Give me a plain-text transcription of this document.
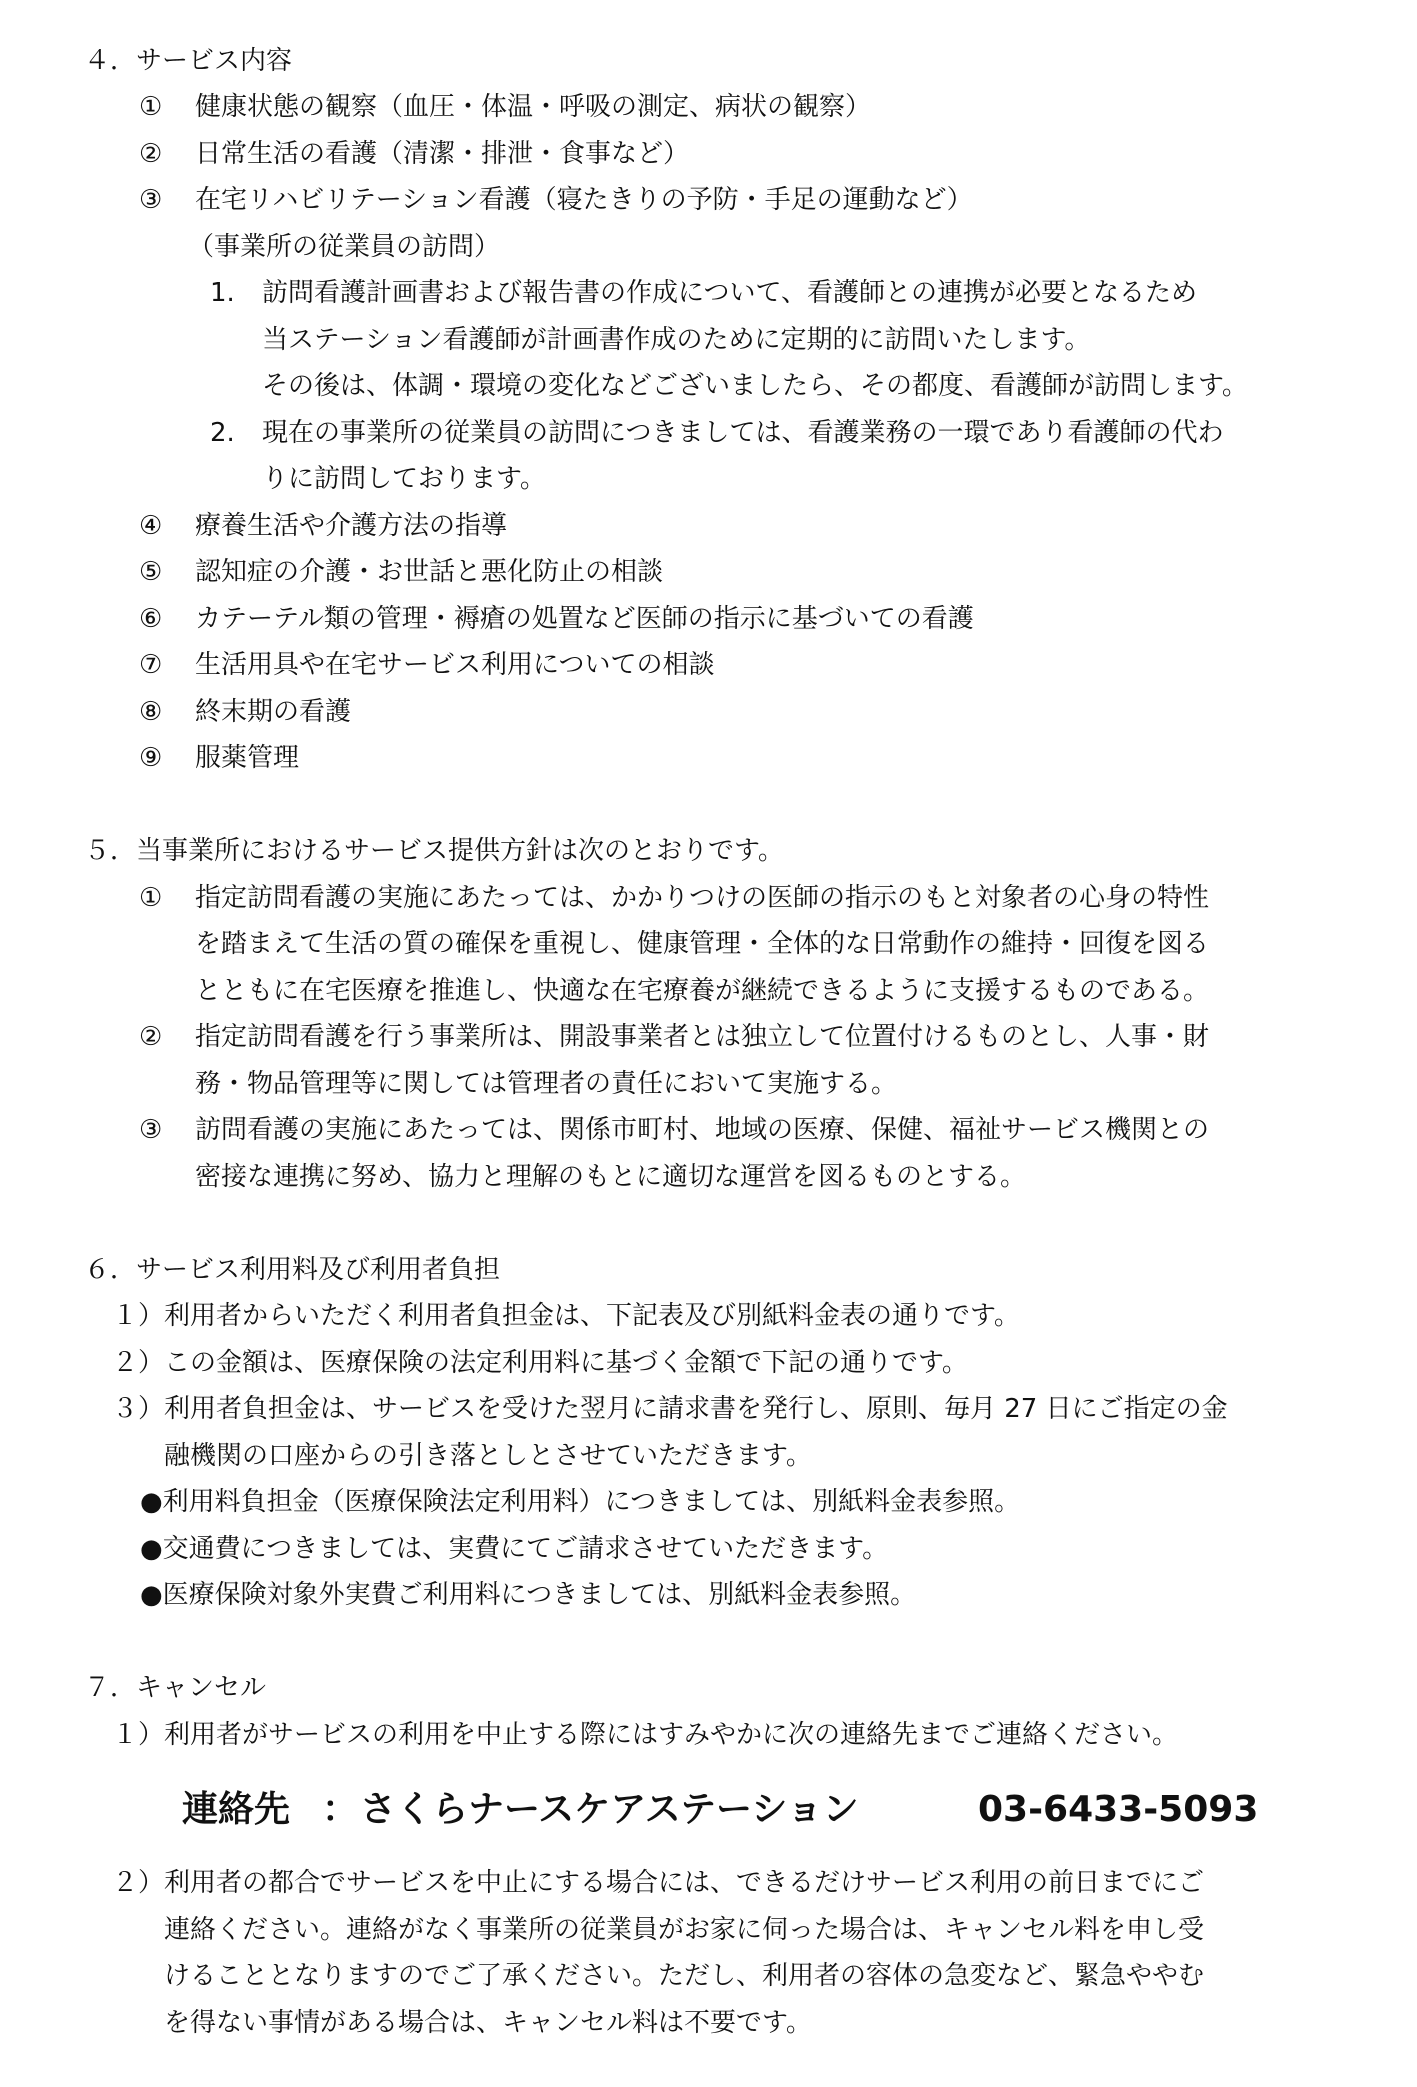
４．サービス内容
① 健康状態の観察（血圧・体温・呼吸の測定、病状の観察）
② 日常生活の看護（清潔・排泄・食事など）
③ 在宅リハビリテーション看護（寝たきりの予防・手足の運動など）
（事業所の従業員の訪問）
1. 訪問看護計画書および報告書の作成について、看護師との連携が必要となるため
当ステーション看護師が計画書作成のために定期的に訪問いたします。
その後は、体調・環境の変化などございましたら、その都度、看護師が訪問します。
2. 現在の事業所の従業員の訪問につきましては、看護業務の一環であり看護師の代わ
りに訪問しております。
④ 療養生活や介護方法の指導
⑤ 認知症の介護・お世話と悪化防止の相談
⑥ カテーテル類の管理・褥瘡の処置など医師の指示に基づいての看護
⑦ 生活用具や在宅サービス利用についての相談
⑧ 終末期の看護
⑨ 服薬管理
５．当事業所におけるサービス提供方針は次のとおりです。
① 指定訪問看護の実施にあたっては、かかりつけの医師の指示のもと対象者の心身の特性
を踏まえて生活の質の確保を重視し、健康管理・全体的な日常動作の維持・回復を図る
とともに在宅医療を推進し、快適な在宅療養が継続できるように支援するものである。
② 指定訪問看護を行う事業所は、開設事業者とは独立して位置付けるものとし、人事・財
務・物品管理等に関しては管理者の責任において実施する。
③ 訪問看護の実施にあたっては、関係市町村、地域の医療、保健、福祉サービス機関との
密接な連携に努め、協力と理解のもとに適切な運営を図るものとする。
６．サービス利用料及び利用者負担
１） 利用者からいただく利用者負担金は、下記表及び別紙料金表の通りです。
２） この金額は、医療保険の法定利用料に基づく金額で下記の通りです。
３） 利用者負担金は、サービスを受けた翌月に請求書を発行し、原則、毎月 27 日にご指定の金
融機関の口座からの引き落としとさせていただきます。
●利用料負担金（医療保険法定利用料）につきましては、別紙料金表参照。
●交通費につきましては、実費にてご請求させていただきます。
●医療保険対象外実費ご利用料につきましては、別紙料金表参照。
７．キャンセル
１） 利用者がサービスの利用を中止する際にはすみやかに次の連絡先までご連絡ください。
連絡先 ： さくらナースケアステーション	03-6433-5093
２） 利用者の都合でサービスを中止にする場合には、できるだけサービス利用の前日までにご
連絡ください。連絡がなく事業所の従業員がお家に伺った場合は、キャンセル料を申し受
けることとなりますのでご了承ください。ただし、利用者の容体の急変など、緊急ややむ
を得ない事情がある場合は、キャンセル料は不要です。
